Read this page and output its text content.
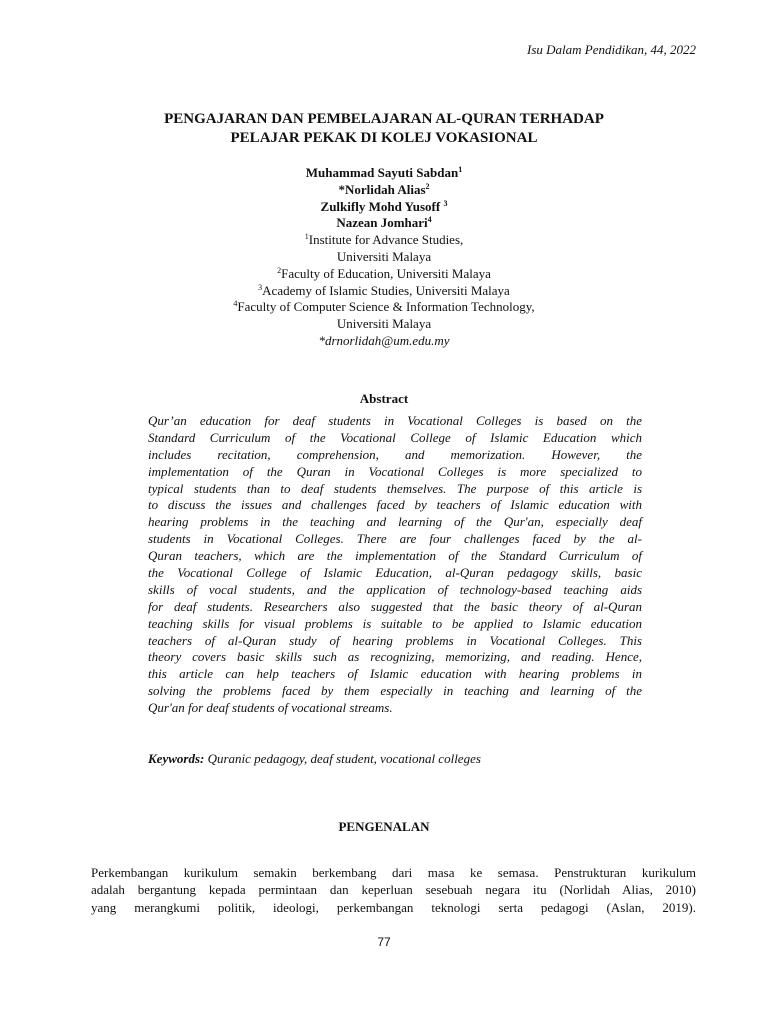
Isu Dalam Pendidikan, 44, 2022
PENGAJARAN DAN PEMBELAJARAN AL-QURAN TERHADAP
PELAJAR PEKAK DI KOLEJ VOKASIONAL
Muhammad Sayuti Sabdan$^1$
*Norlidah Alias$^2$
Zulkifly Mohd Yusoff $^3$
Nazean Jomhari$^4$
$^1$Institute for Advance Studies,
Universiti Malaya
$^2$Faculty of Education, Universiti Malaya
$^3$Academy of Islamic Studies, Universiti Malaya
$^4$Faculty of Computer Science & Information Technology,
Universiti Malaya
*drnorlidah@um.edu.my
Abstract
Qur’an education for deaf students in Vocational Colleges is based on the
Standard Curriculum of the Vocational College of Islamic Education which
includes recitation, comprehension, and memorization. However, the
implementation of the Quran in Vocational Colleges is more specialized to
typical students than to deaf students themselves. The purpose of this article is
to discuss the issues and challenges faced by teachers of Islamic education with
hearing problems in the teaching and learning of the Qur'an, especially deaf
students in Vocational Colleges. There are four challenges faced by the al-
Quran teachers, which are the implementation of the Standard Curriculum of
the Vocational College of Islamic Education, al-Quran pedagogy skills, basic
skills of vocal students, and the application of technology-based teaching aids
for deaf students. Researchers also suggested that the basic theory of al-Quran
teaching skills for visual problems is suitable to be applied to Islamic education
teachers of al-Quran study of hearing problems in Vocational Colleges. This
theory covers basic skills such as recognizing, memorizing, and reading. Hence,
this article can help teachers of Islamic education with hearing problems in
solving the problems faced by them especially in teaching and learning of the
Qur'an for deaf students of vocational streams.
Keywords: Quranic pedagogy, deaf student, vocational colleges
PENGENALAN
Perkembangan kurikulum semakin berkembang dari masa ke semasa. Penstrukturan kurikulum
adalah bergantung kepada permintaan dan keperluan sesebuah negara itu (Norlidah Alias, 2010)
yang merangkumi politik, ideologi, perkembangan teknologi serta pedagogi (Aslan, 2019).
77
